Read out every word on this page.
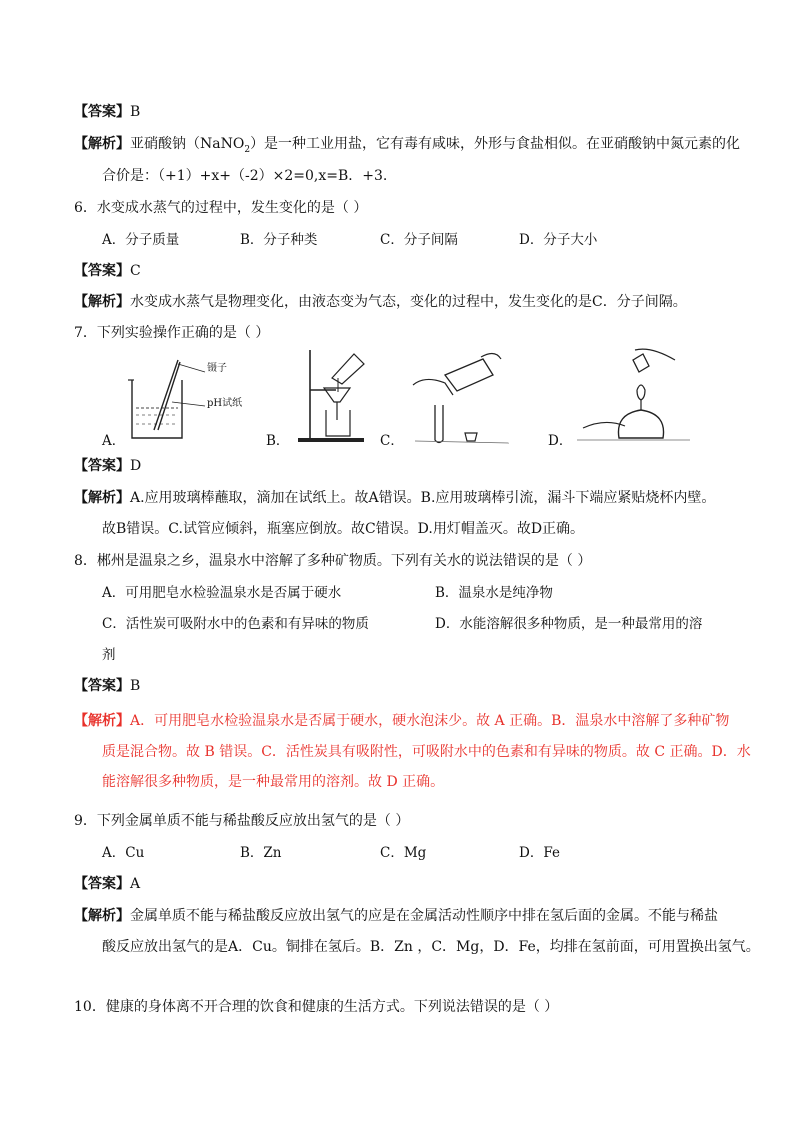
【答案】B
【解析】亚硝酸钠（NaNO$_2$）是一种工业用盐，它有毒有咸味，外形与食盐相似。在亚硝酸钠中氮元素的化
合价是：（+1）+x+（-2）×2=0,x=B．+3.
6．水变成水蒸气的过程中，发生变化的是（ ）
A．分子质量	B．分子种类	C．分子间隔	D．分子大小
【答案】C
【解析】水变成水蒸气是物理变化，由液态变为气态，变化的过程中，发生变化的是C．分子间隔。
7．下列实验操作正确的是（ ）
A．
镊子
pH试纸
B．	C．	D．
【答案】D
【解析】A.应用玻璃棒蘸取，滴加在试纸上。故A错误。B.应用玻璃棒引流，漏斗下端应紧贴烧杯内壁。
故B错误。C.试管应倾斜，瓶塞应倒放。故C错误。D.用灯帽盖灭。故D正确。
8．郴州是温泉之乡，温泉水中溶解了多种矿物质。下列有关水的说法错误的是（ ）
A．可用肥皂水检验温泉水是否属于硬水	B．温泉水是纯净物
C．活性炭可吸附水中的色素和有异味的物质	D．水能溶解很多种物质，是一种最常用的溶
剂
【答案】B
【解析】A．可用肥皂水检验温泉水是否属于硬水，硬水泡沫少。故 A 正确。B．温泉水中溶解了多种矿物
质是混合物。故 B 错误。C．活性炭具有吸附性，可吸附水中的色素和有异味的物质。故 C 正确。D．水
能溶解很多种物质，是一种最常用的溶剂。故 D 正确。
9．下列金属单质不能与稀盐酸反应放出氢气的是（ ）
A．Cu	B．Zn	C．Mg	D．Fe
【答案】A
【解析】金属单质不能与稀盐酸反应放出氢气的应是在金属活动性顺序中排在氢后面的金属。不能与稀盐
酸反应放出氢气的是A．Cu。铜排在氢后。B．Zn ，C．Mg，D．Fe，均排在氢前面，可用置换出氢气。
10．健康的身体离不开合理的饮食和健康的生活方式。下列说法错误的是（ ）
